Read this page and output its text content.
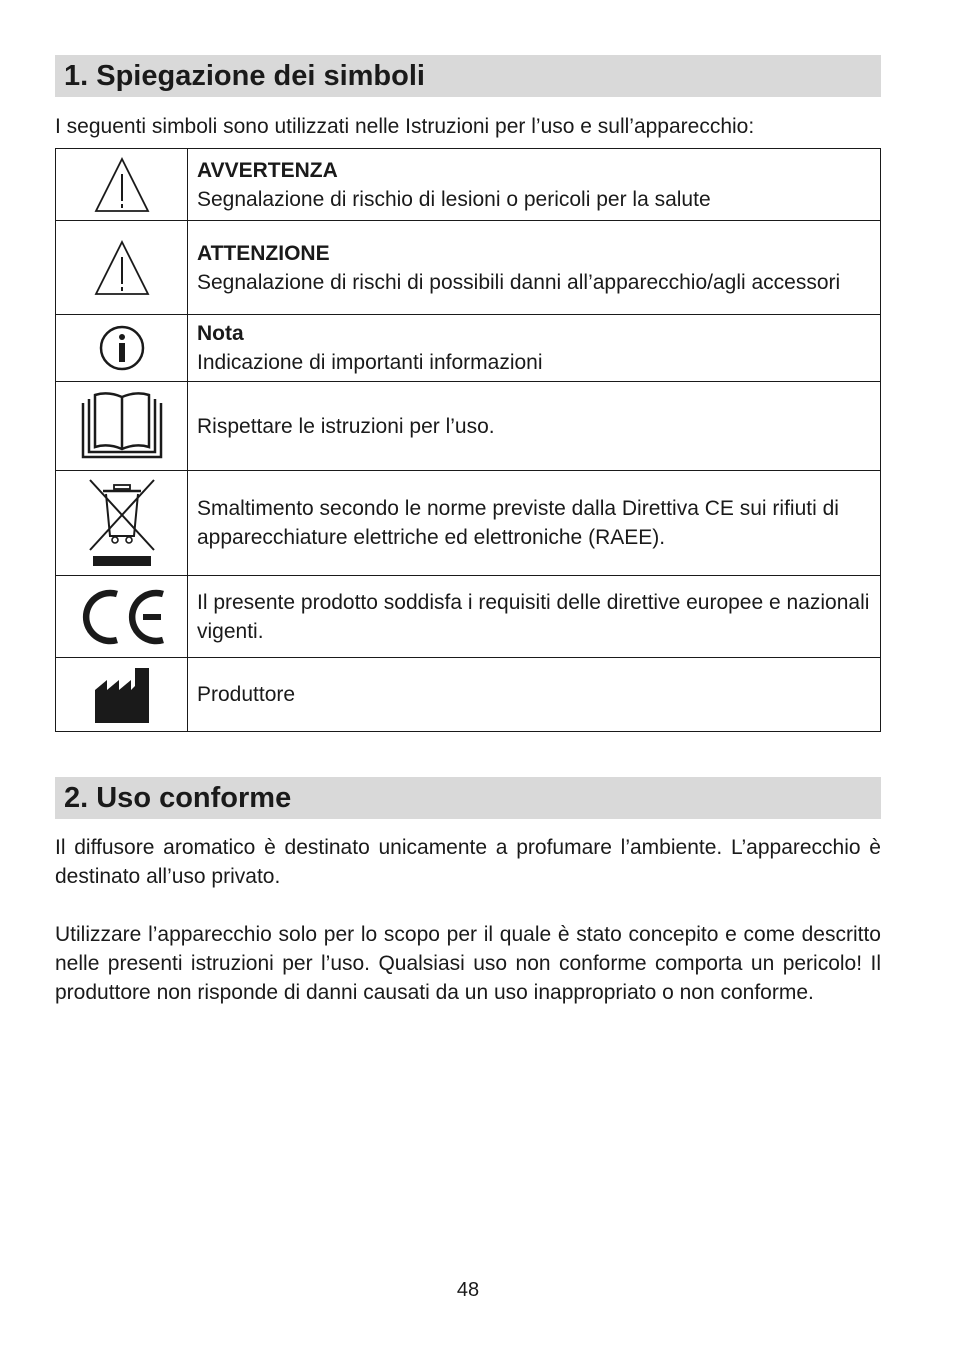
1. Spiegazione dei simboli
I seguenti simboli sono utilizzati nelle Istruzioni per l’uso e sull’apparecchio:

AVVERTENZA
Segnalazione di rischio di lesioni o pericoli per la salute

ATTENZIONE
Segnalazione di rischi di possibili danni all’apparecchio/agli accessori

Nota
Indicazione di importanti informazioni

Rispettare le istruzioni per l’uso.

Smaltimento secondo le norme previste dalla Direttiva CE sui rifiuti di apparecchiature elettriche ed elettroniche (RAEE).

Il presente prodotto soddisfa i requisiti delle direttive europee e nazionali vigenti.

Produttore
2. Uso conforme

Il diffusore aromatico è destinato unicamente a profumare l’ambiente. L’apparecchio è destinato all’uso privato.

Utilizzare l’apparecchio solo per lo scopo per il quale è stato concepito e come descritto nelle presenti istruzioni per l’uso. Qualsiasi uso non conforme comporta un pericolo! Il produttore non risponde di danni causati da un uso inappropriato o non conforme.

48
